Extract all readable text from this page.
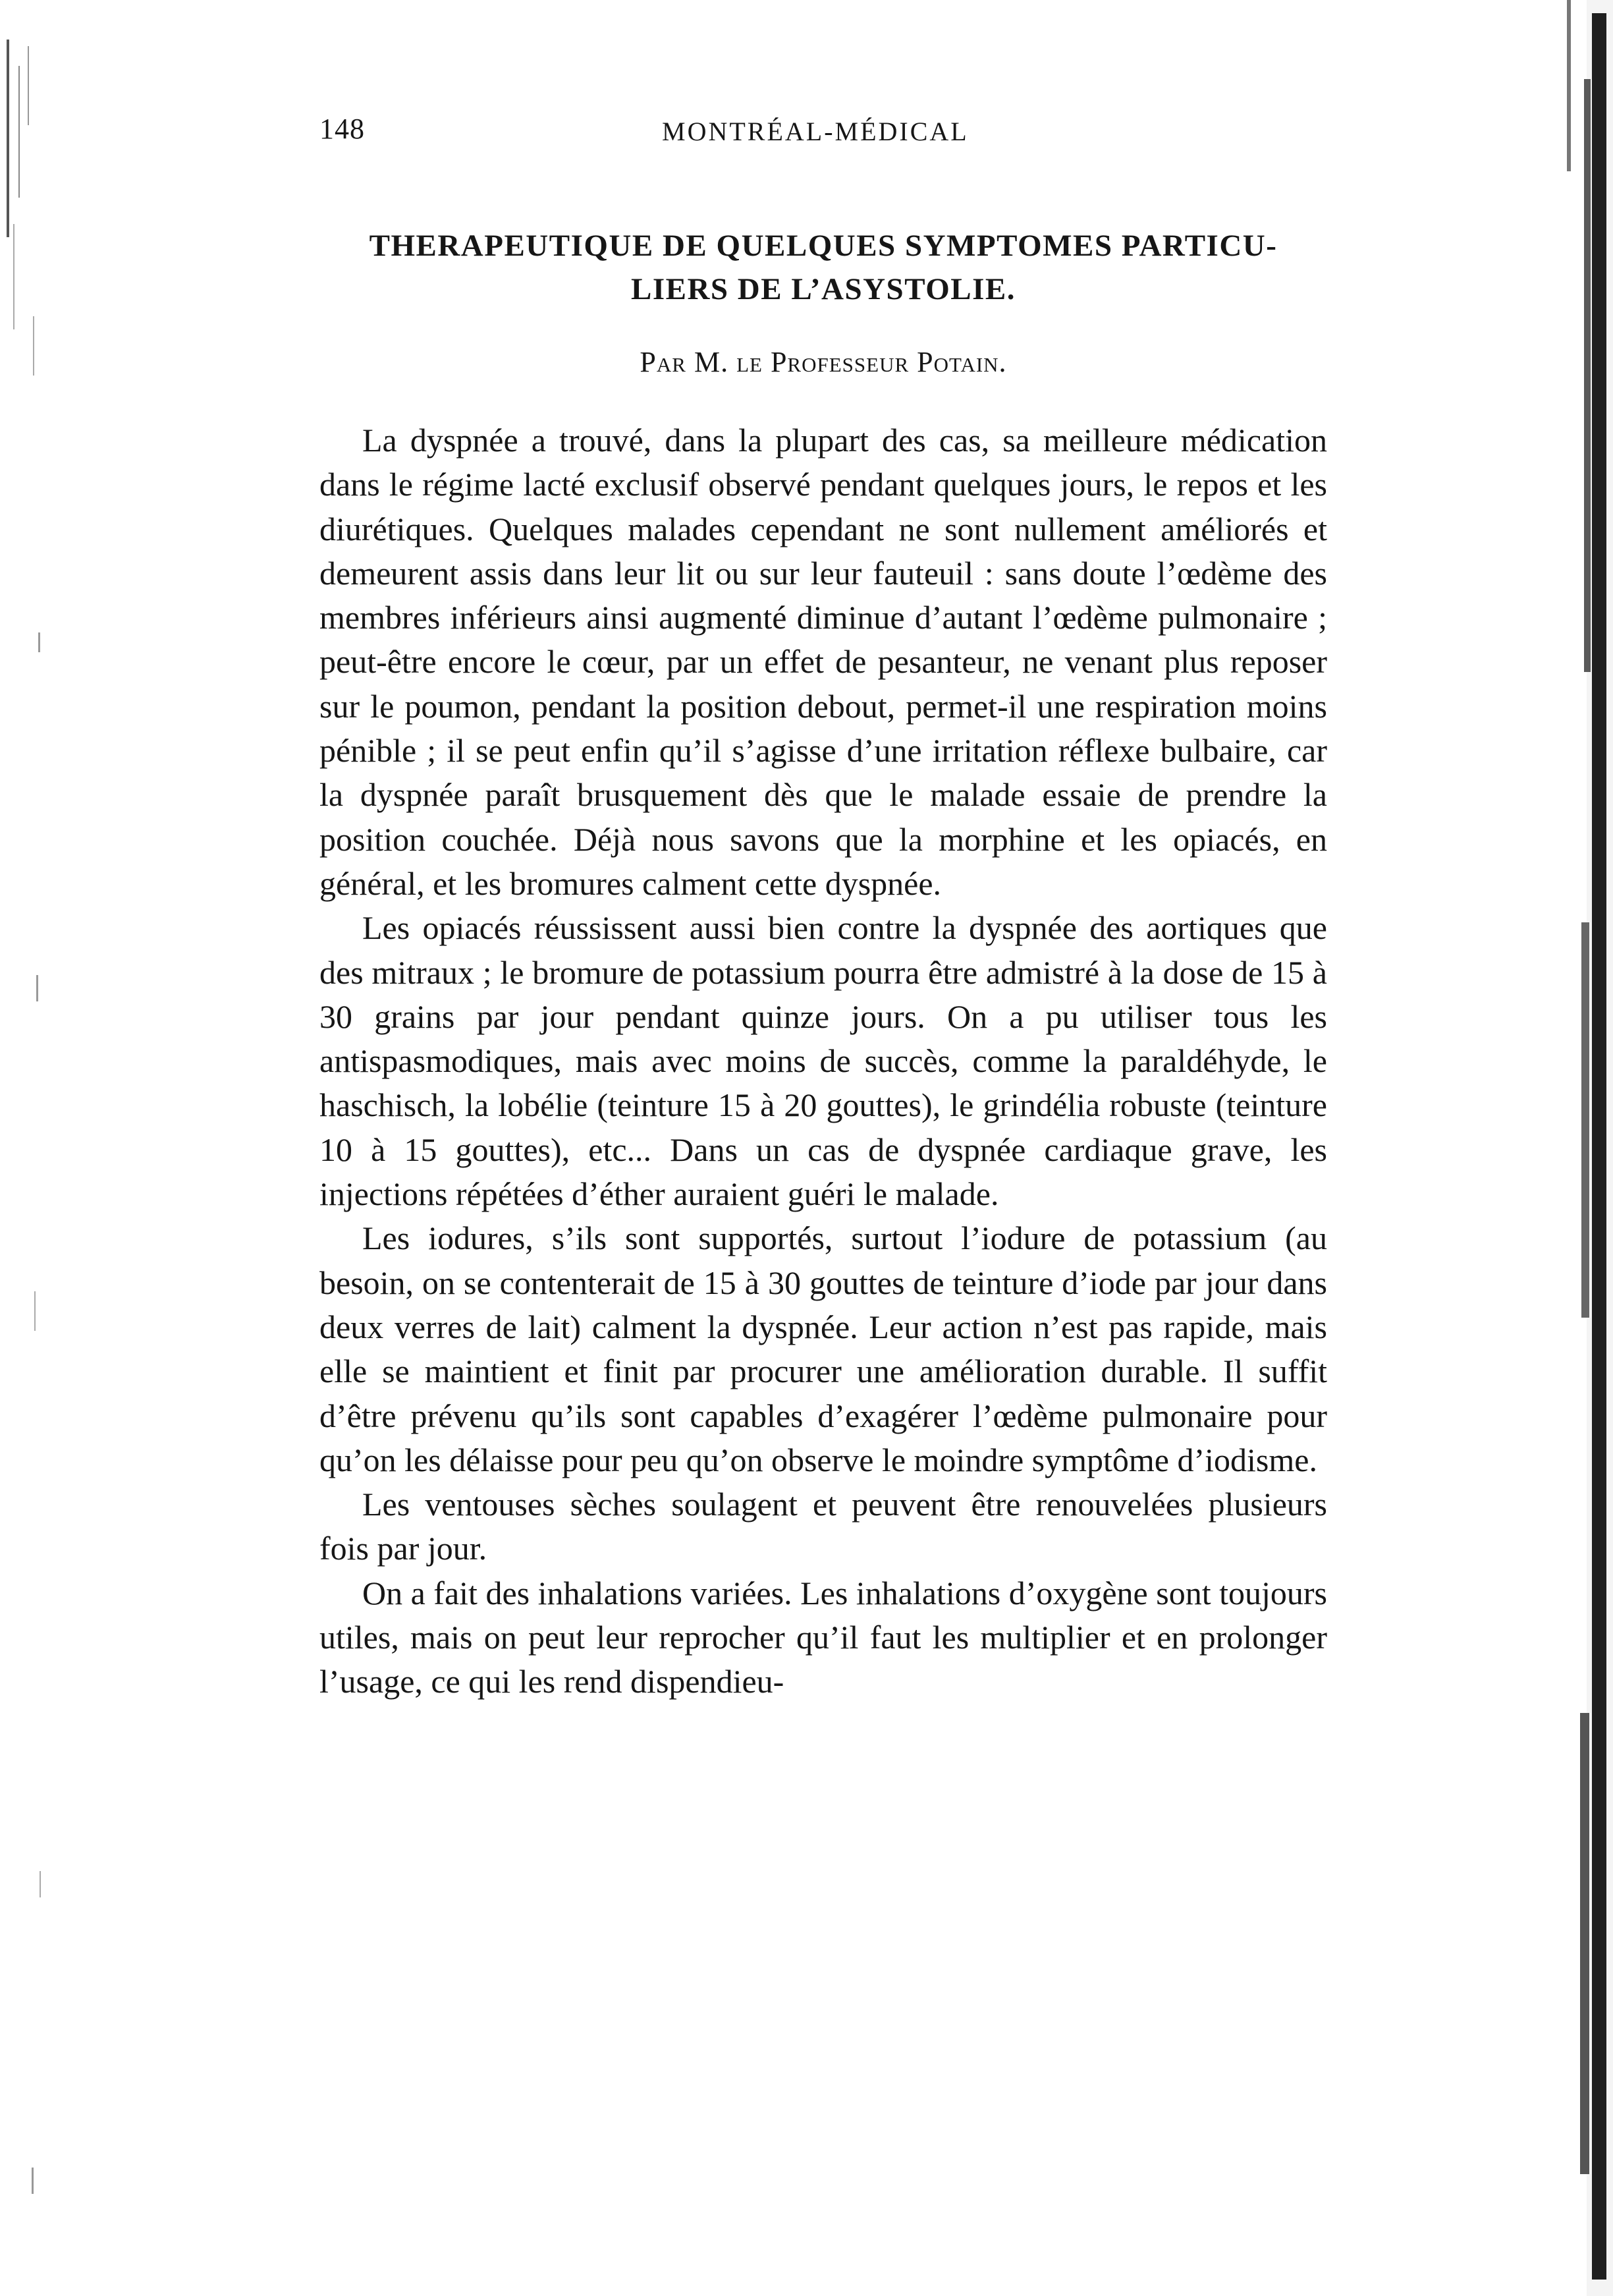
148	MONTRÉAL-MÉDICAL
THERAPEUTIQUE DE QUELQUES SYMPTOMES PARTICU-
LIERS DE L’ASYSTOLIE.
Par M. le Professeur Potain.

La dyspnée a trouvé, dans la plupart des cas, sa meilleure médication dans le régime lacté exclusif observé pendant quelques jours, le repos et les diurétiques. Quelques malades cependant ne sont nullement améliorés et demeurent assis dans leur lit ou sur leur fauteuil : sans doute l’œdème des membres inférieurs ainsi augmenté diminue d’autant l’œdème pulmonaire ; peut-être encore le cœur, par un effet de pesanteur, ne venant plus reposer sur le poumon, pendant la position debout, permet-il une respiration moins pénible ; il se peut enfin qu’il s’agisse d’une irritation réflexe bulbaire, car la dyspnée paraît brusquement dès que le malade essaie de prendre la position couchée. Déjà nous savons que la morphine et les opiacés, en général, et les bromures calment cette dyspnée.

Les opiacés réussissent aussi bien contre la dyspnée des aortiques que des mitraux ; le bromure de potassium pourra être admistré à la dose de 15 à 30 grains par jour pendant quinze jours. On a pu utiliser tous les antispasmodiques, mais avec moins de succès, comme la paraldéhyde, le haschisch, la lobélie (teinture 15 à 20 gouttes), le grindélia robuste (teinture 10 à 15 gouttes), etc... Dans un cas de dyspnée cardiaque grave, les injections répétées d’éther auraient guéri le malade.

Les iodures, s’ils sont supportés, surtout l’iodure de potassium (au besoin, on se contenterait de 15 à 30 gouttes de teinture d’iode par jour dans deux verres de lait) calment la dyspnée. Leur action n’est pas rapide, mais elle se maintient et finit par procurer une amélioration durable. Il suffit d’être prévenu qu’ils sont capables d’exagérer l’œdème pulmonaire pour qu’on les délaisse pour peu qu’on observe le moindre symptôme d’iodisme.

Les ventouses sèches soulagent et peuvent être renouvelées plusieurs fois par jour.

On a fait des inhalations variées. Les inhalations d’oxygène sont toujours utiles, mais on peut leur reprocher qu’il faut les multiplier et en prolonger l’usage, ce qui les rend dispendieu-
